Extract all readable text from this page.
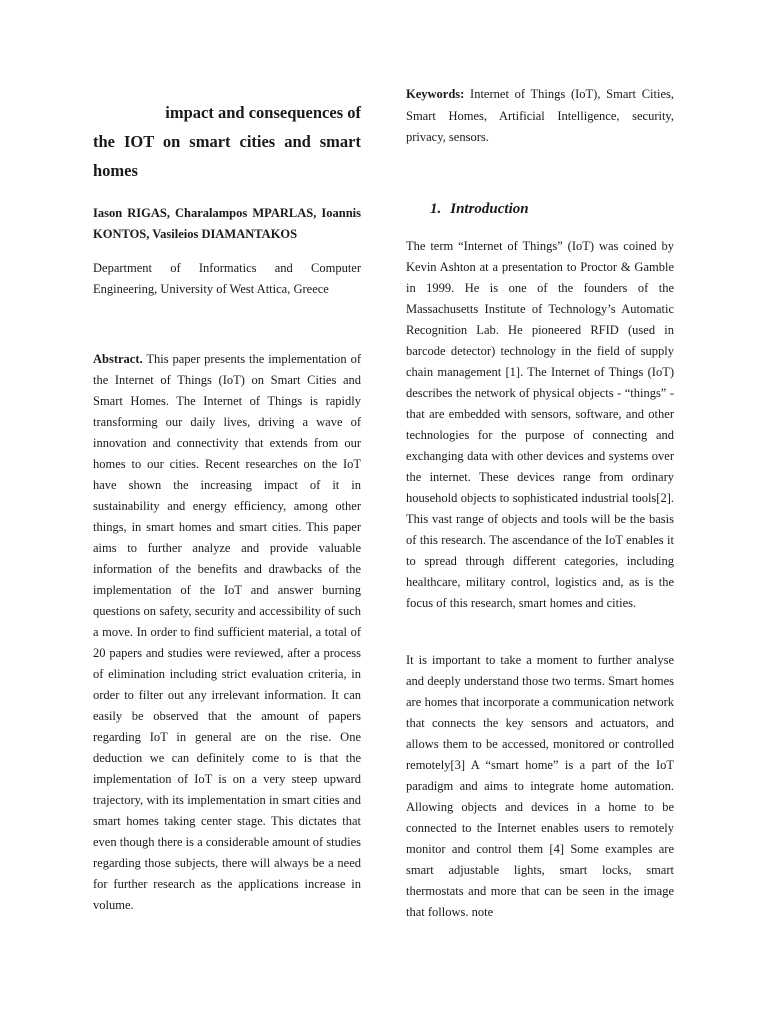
impact and consequences of
the IOT on smart cities and smart
homes

Iason RIGAS, Charalampos MPARLAS, Ioannis KONTOS, Vasileios DIAMANTAKOS

Department of Informatics and Computer Engineering, University of West Attica, Greece

Abstract. This paper presents the implementation of the Internet of Things (IoT) on Smart Cities and Smart Homes. The Internet of Things is rapidly transforming our daily lives, driving a wave of innovation and connectivity that extends from our homes to our cities. Recent researches on the IoT have shown the increasing impact of it in sustainability and energy efficiency, among other things, in smart homes and smart cities. This paper aims to further analyze and provide valuable information of the benefits and drawbacks of the implementation of the IoT and answer burning questions on safety, security and accessibility of such a move. In order to find sufficient material, a total of 20 papers and studies were reviewed, after a process of elimination including strict evaluation criteria, in order to filter out any irrelevant information. It can easily be observed that the amount of papers regarding IoT in general are on the rise. One deduction we can definitely come to is that the implementation of IoT is on a very steep upward trajectory, with its implementation in smart cities and smart homes taking center stage. This dictates that even though there is a considerable amount of studies regarding those subjects, there will always be a need for further research as the applications increase in volume.

Keywords: Internet of Things (IoT), Smart Cities, Smart Homes, Artificial Intelligence, security, privacy, sensors.

1. Introduction

The term “Internet of Things” (IoT) was coined by Kevin Ashton at a presentation to Proctor & Gamble in 1999. He is one of the founders of the Massachusetts Institute of Technology’s Automatic Recognition Lab. He pioneered RFID (used in barcode detector) technology in the field of supply chain management [1]. The Internet of Things (IoT) describes the network of physical objects - “things” - that are embedded with sensors, software, and other technologies for the purpose of connecting and exchanging data with other devices and systems over the internet. These devices range from ordinary household objects to sophisticated industrial tools[2]. This vast range of objects and tools will be the basis of this research. The ascendance of the IoT enables it to spread through different categories, including healthcare, military control, logistics and, as is the focus of this research, smart homes and cities.

It is important to take a moment to further analyse and deeply understand those two terms. Smart homes are homes that incorporate a communication network that connects the key sensors and actuators, and allows them to be accessed, monitored or controlled remotely[3] A “smart home” is a part of the IoT paradigm and aims to integrate home automation. Allowing objects and devices in a home to be connected to the Internet enables users to remotely monitor and control them [4] Some examples are smart adjustable lights, smart locks, smart thermostats and more that can be seen in the image that follows. note
